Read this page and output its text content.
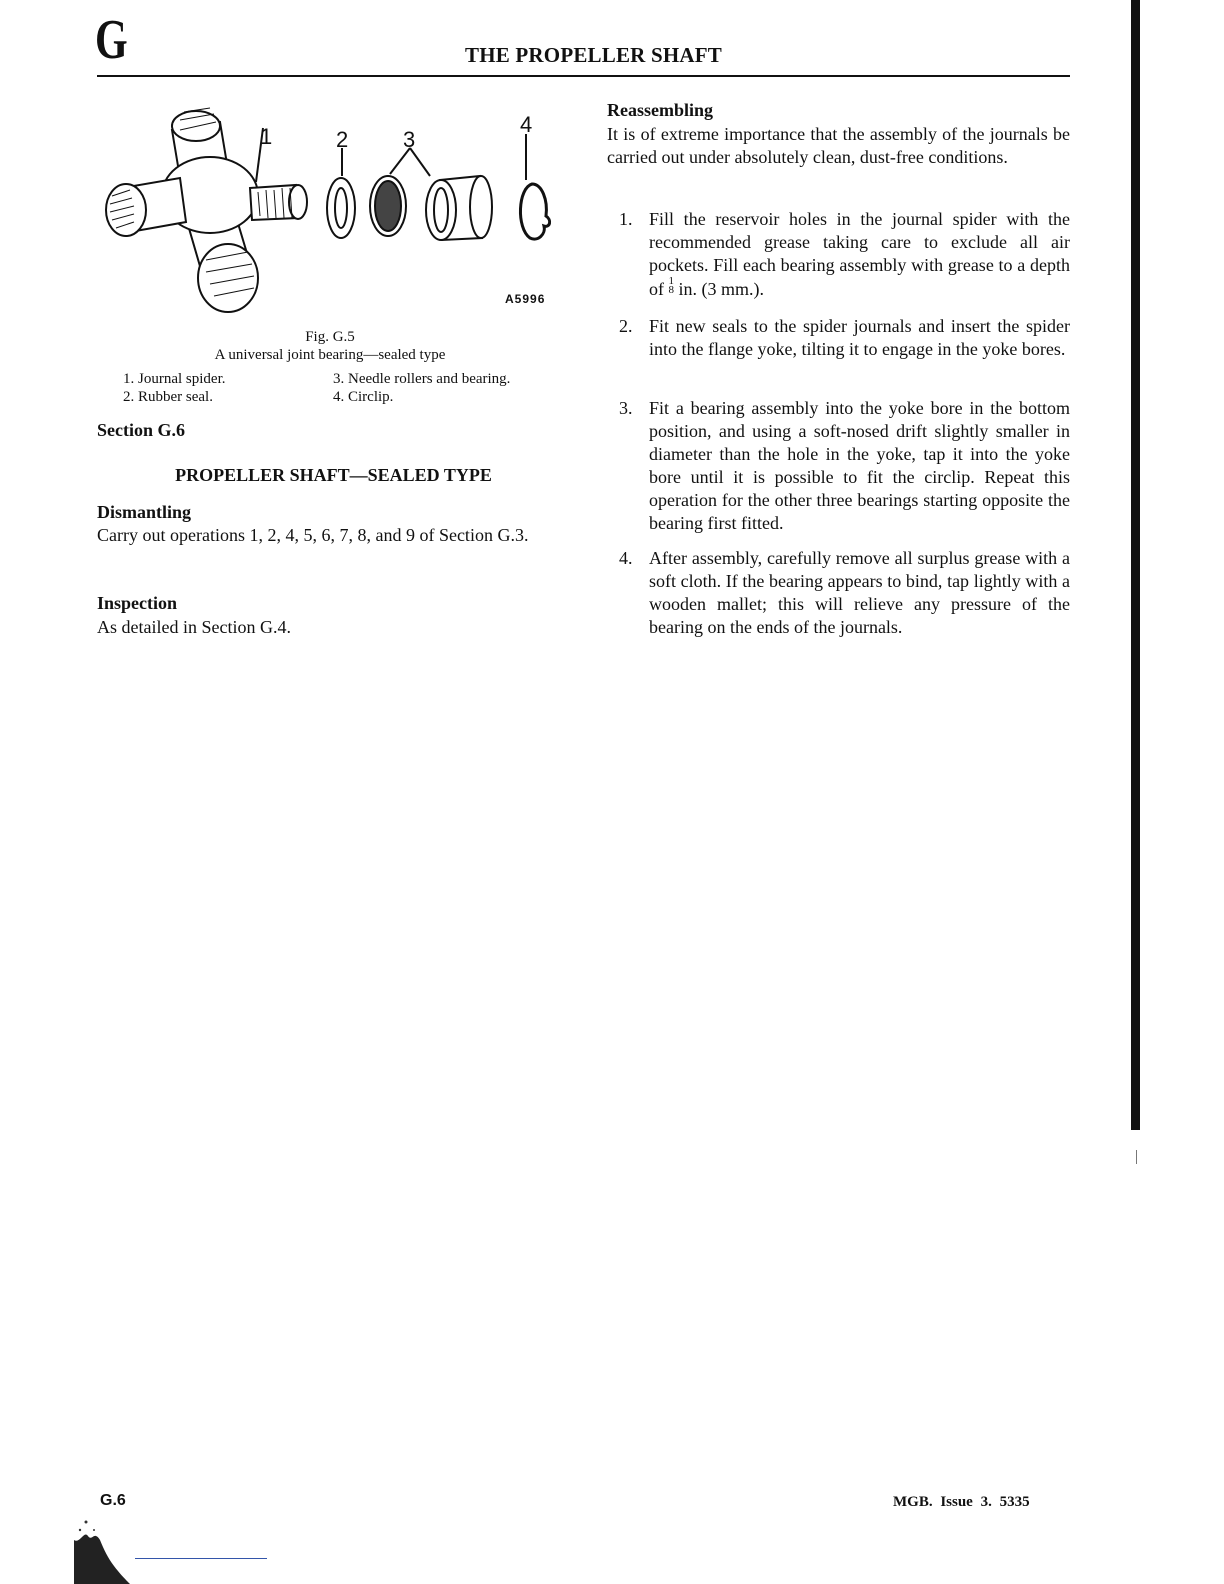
G	THE PROPELLER SHAFT
1	2 3
4
A5996
Fig. G.5
A universal joint bearing—sealed type
1. Journal spider.
2. Rubber seal.
3. Needle rollers and bearing.
4. Circlip.
Section G.6
PROPELLER SHAFT—SEALED TYPE
Dismantling
Carry out operations 1, 2, 4, 5, 6, 7, 8, and 9 of Section G.3.
Inspection
As detailed in Section G.4.
Reassembling
It is of extreme importance that the assembly of the journals be carried out under absolutely clean, dust-free conditions.
1. Fill the reservoir holes in the journal spider with the recommended grease taking care to exclude all air pockets. Fill each bearing assembly with grease to a depth of 1
8 in. (3 mm.).
2. Fit new seals to the spider journals and insert the spider into the flange yoke, tilting it to engage in the yoke bores.
3. Fit a bearing assembly into the yoke bore in the bottom position, and using a soft-nosed drift slightly smaller in diameter than the hole in the yoke, tap it into the yoke bore until it is possible to fit the circlip. Repeat this operation for the other three bearings starting opposite the bearing first fitted.
4. After assembly, carefully remove all surplus grease with a soft cloth. If the bearing appears to bind, tap lightly with a wooden mallet; this will relieve any pressure of the bearing on the ends of the journals.
G.6	MGB. Issue 3. 5335
